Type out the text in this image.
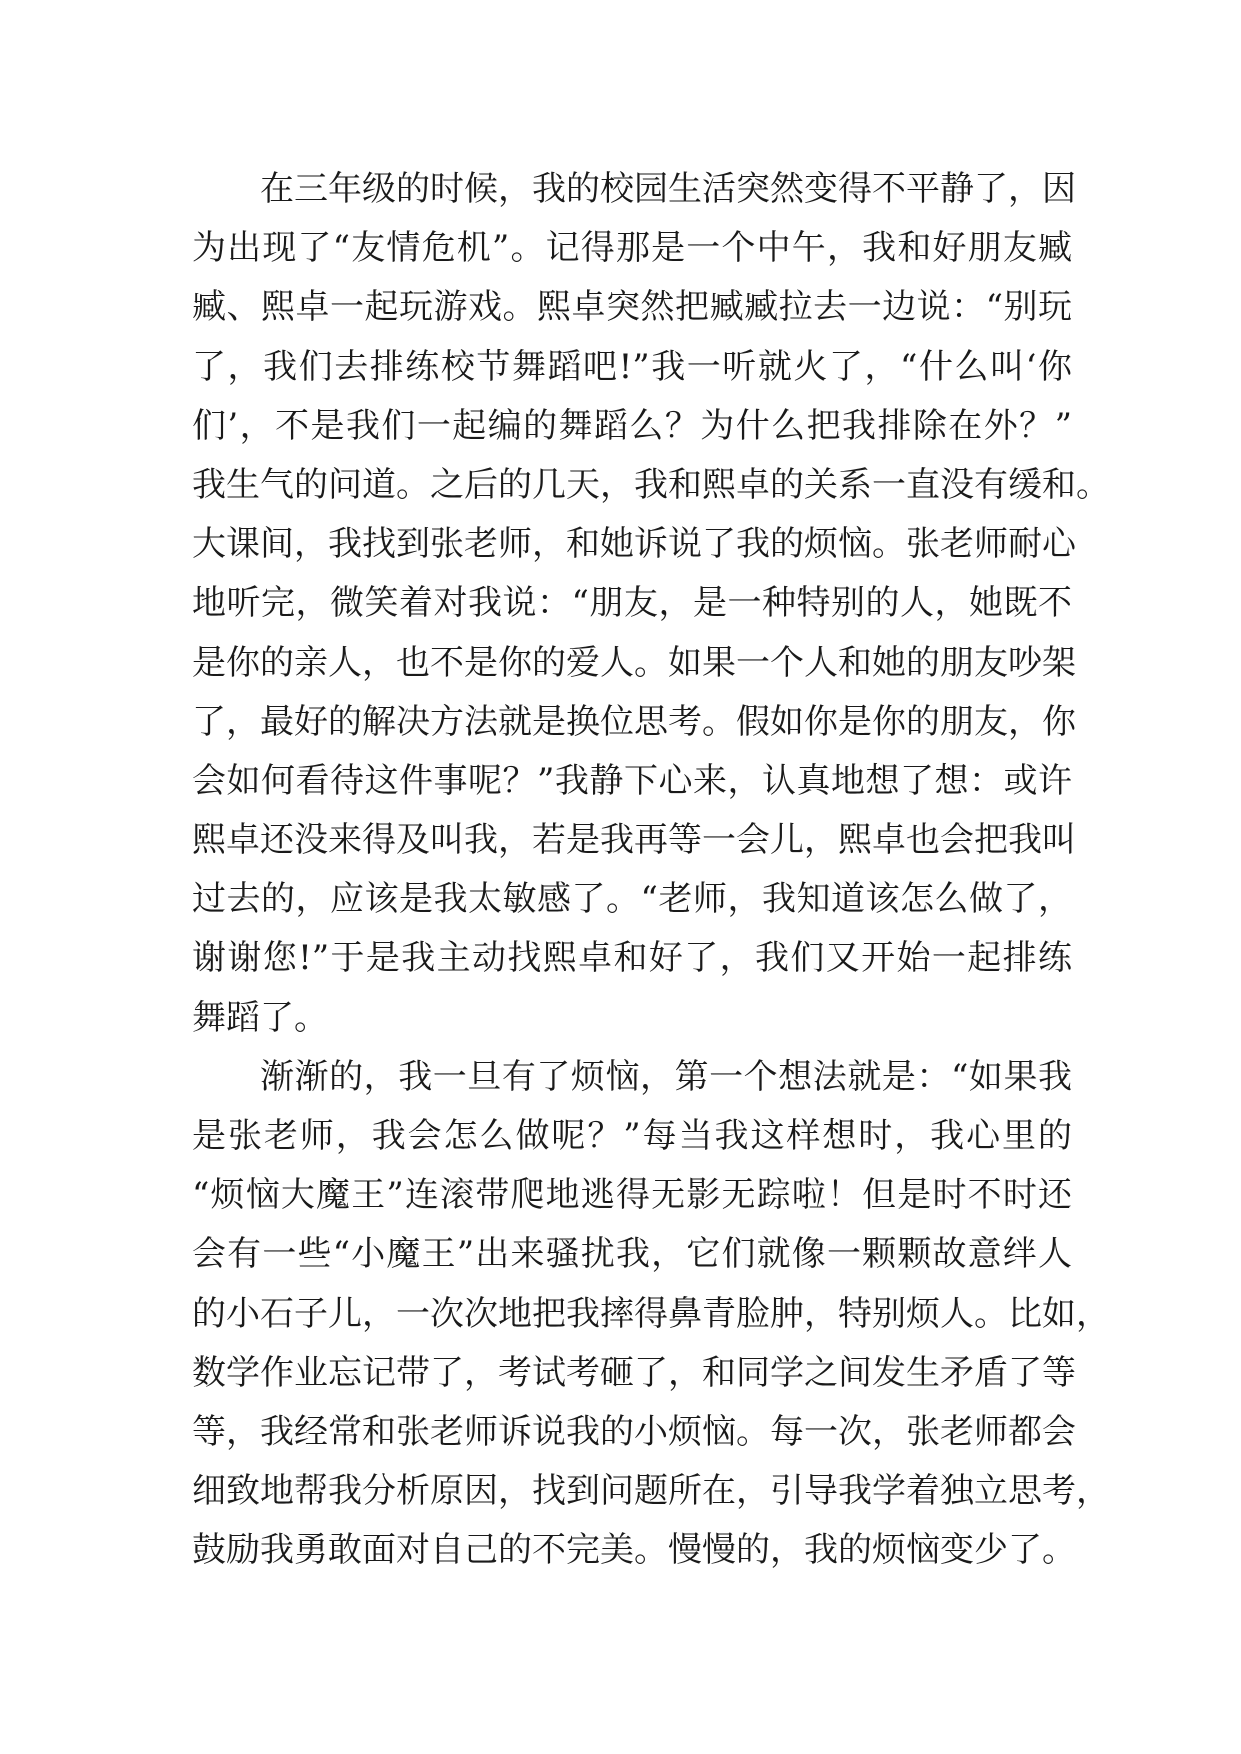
在三年级的时候，我的校园生活突然变得不平静了，因
为出现了“友情危机”。记得那是一个中午，我和好朋友臧
臧、熙卓一起玩游戏。熙卓突然把臧臧拉去一边说：“别玩
了，我们去排练校节舞蹈吧!”我一听就火了，“什么叫‘你
们’，不是我们一起编的舞蹈么？为什么把我排除在外？”
我生气的问道。之后的几天，我和熙卓的关系一直没有缓和。
大课间，我找到张老师，和她诉说了我的烦恼。张老师耐心
地听完，微笑着对我说：“朋友，是一种特别的人，她既不
是你的亲人，也不是你的爱人。如果一个人和她的朋友吵架
了，最好的解决方法就是换位思考。假如你是你的朋友，你
会如何看待这件事呢？”我静下心来，认真地想了想：或许
熙卓还没来得及叫我，若是我再等一会儿，熙卓也会把我叫
过去的，应该是我太敏感了。“老师，我知道该怎么做了，
谢谢您!”于是我主动找熙卓和好了，我们又开始一起排练
舞蹈了。
渐渐的，我一旦有了烦恼，第一个想法就是：“如果我
是张老师，我会怎么做呢？”每当我这样想时，我心里的
“烦恼大魔王”连滚带爬地逃得无影无踪啦！但是时不时还
会有一些“小魔王”出来骚扰我，它们就像一颗颗故意绊人
的小石子儿，一次次地把我摔得鼻青脸肿，特别烦人。比如，
数学作业忘记带了，考试考砸了，和同学之间发生矛盾了等
等，我经常和张老师诉说我的小烦恼。每一次，张老师都会
细致地帮我分析原因，找到问题所在，引导我学着独立思考，
鼓励我勇敢面对自己的不完美。慢慢的，我的烦恼变少了。
